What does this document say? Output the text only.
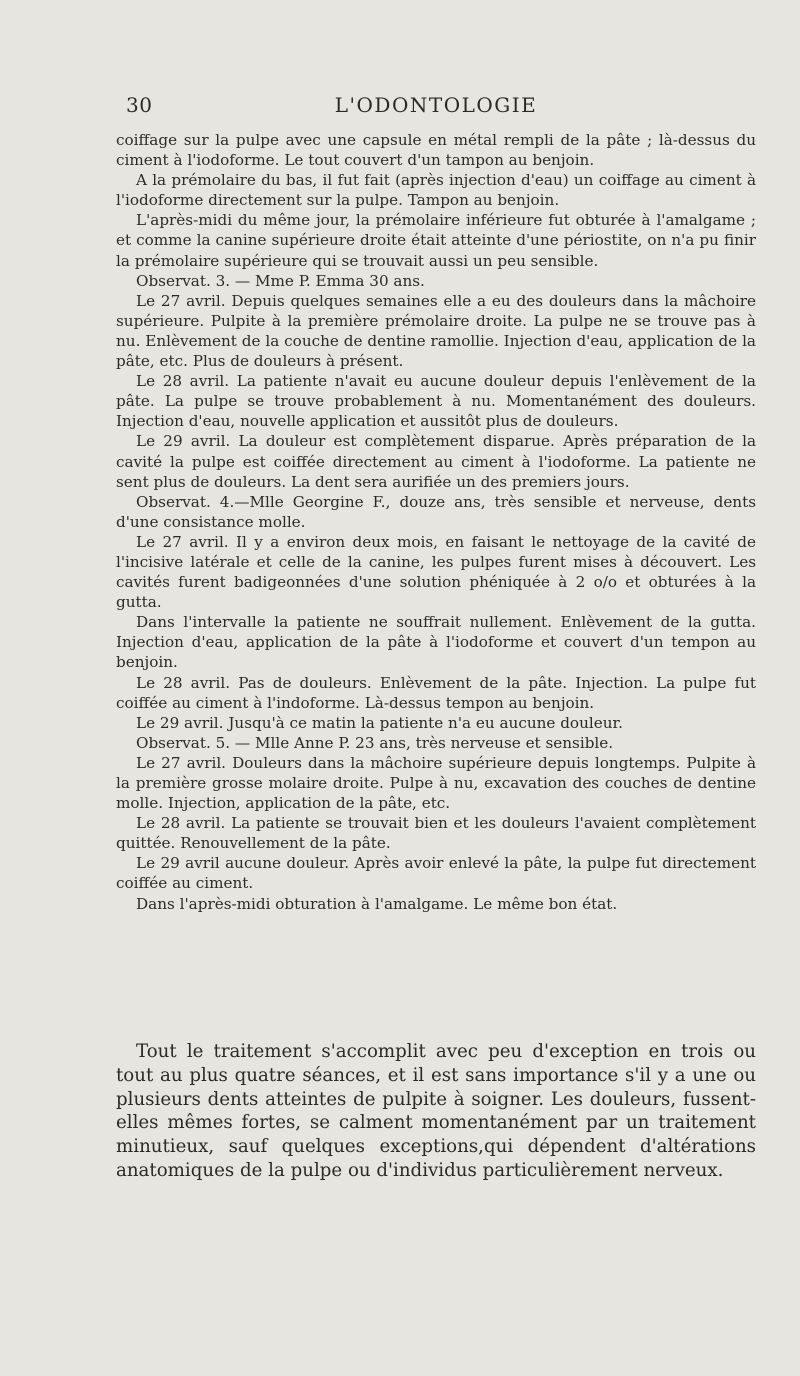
30	L'ODONTOLOGIE

coiffage sur la pulpe avec une capsule en métal rempli de la pâte ; là-dessus du ciment à l'iodoforme. Le tout couvert d'un tampon au benjoin.

A la prémolaire du bas, il fut fait (après injection d'eau) un coiffage au ciment à l'iodoforme directement sur la pulpe. Tampon au benjoin.

L'après-midi du même jour, la prémolaire inférieure fut obturée à l'amalgame ; et comme la canine supérieure droite était atteinte d'une périostite, on n'a pu finir la prémolaire supérieure qui se trouvait aussi un peu sensible.

Observat. 3. — Mme P. Emma 30 ans.

Le 27 avril. Depuis quelques semaines elle a eu des douleurs dans la mâchoire supérieure. Pulpite à la première prémolaire droite. La pulpe ne se trouve pas à nu. Enlèvement de la couche de dentine ramollie. Injection d'eau, application de la pâte, etc. Plus de douleurs à présent.

Le 28 avril. La patiente n'avait eu aucune douleur depuis l'enlèvement de la pâte. La pulpe se trouve probablement à nu. Momentanément des douleurs. Injection d'eau, nouvelle application et aussitôt plus de douleurs.

Le 29 avril. La douleur est complètement disparue. Après préparation de la cavité la pulpe est coiffée directement au ciment à l'iodoforme. La patiente ne sent plus de douleurs. La dent sera aurifiée un des premiers jours.

Observat. 4.—Mlle Georgine F., douze ans, très sensible et nerveuse, dents d'une consistance molle.

Le 27 avril. Il y a environ deux mois, en faisant le nettoyage de la cavité de l'incisive latérale et celle de la canine, les pulpes furent mises à découvert. Les cavités furent badigeonnées d'une solution phéniquée à 2 o/o et obturées à la gutta.

Dans l'intervalle la patiente ne souffrait nullement. Enlèvement de la gutta. Injection d'eau, application de la pâte à l'iodoforme et couvert d'un tempon au benjoin.

Le 28 avril. Pas de douleurs. Enlèvement de la pâte. Injection. La pulpe fut coiffée au ciment à l'indoforme. Là-dessus tempon au benjoin.

Le 29 avril. Jusqu'à ce matin la patiente n'a eu aucune douleur.

Observat. 5. — Mlle Anne P. 23 ans, très nerveuse et sensible.

Le 27 avril. Douleurs dans la mâchoire supérieure depuis longtemps. Pulpite à la première grosse molaire droite. Pulpe à nu, excavation des couches de dentine molle. Injection, application de la pâte, etc.

Le 28 avril. La patiente se trouvait bien et les douleurs l'avaient complètement quittée. Renouvellement de la pâte.

Le 29 avril aucune douleur. Après avoir enlevé la pâte, la pulpe fut directement coiffée au ciment.

Dans l'après-midi obturation à l'amalgame. Le même bon état.

Tout le traitement s'accomplit avec peu d'exception en trois ou tout au plus quatre séances, et il est sans importance s'il y a une ou plusieurs dents atteintes de pulpite à soigner. Les douleurs, fussent-elles mêmes fortes, se calment momentanément par un traitement minutieux, sauf quelques exceptions,qui dépendent d'altérations anatomiques de la pulpe ou d'individus particulièrement nerveux.
